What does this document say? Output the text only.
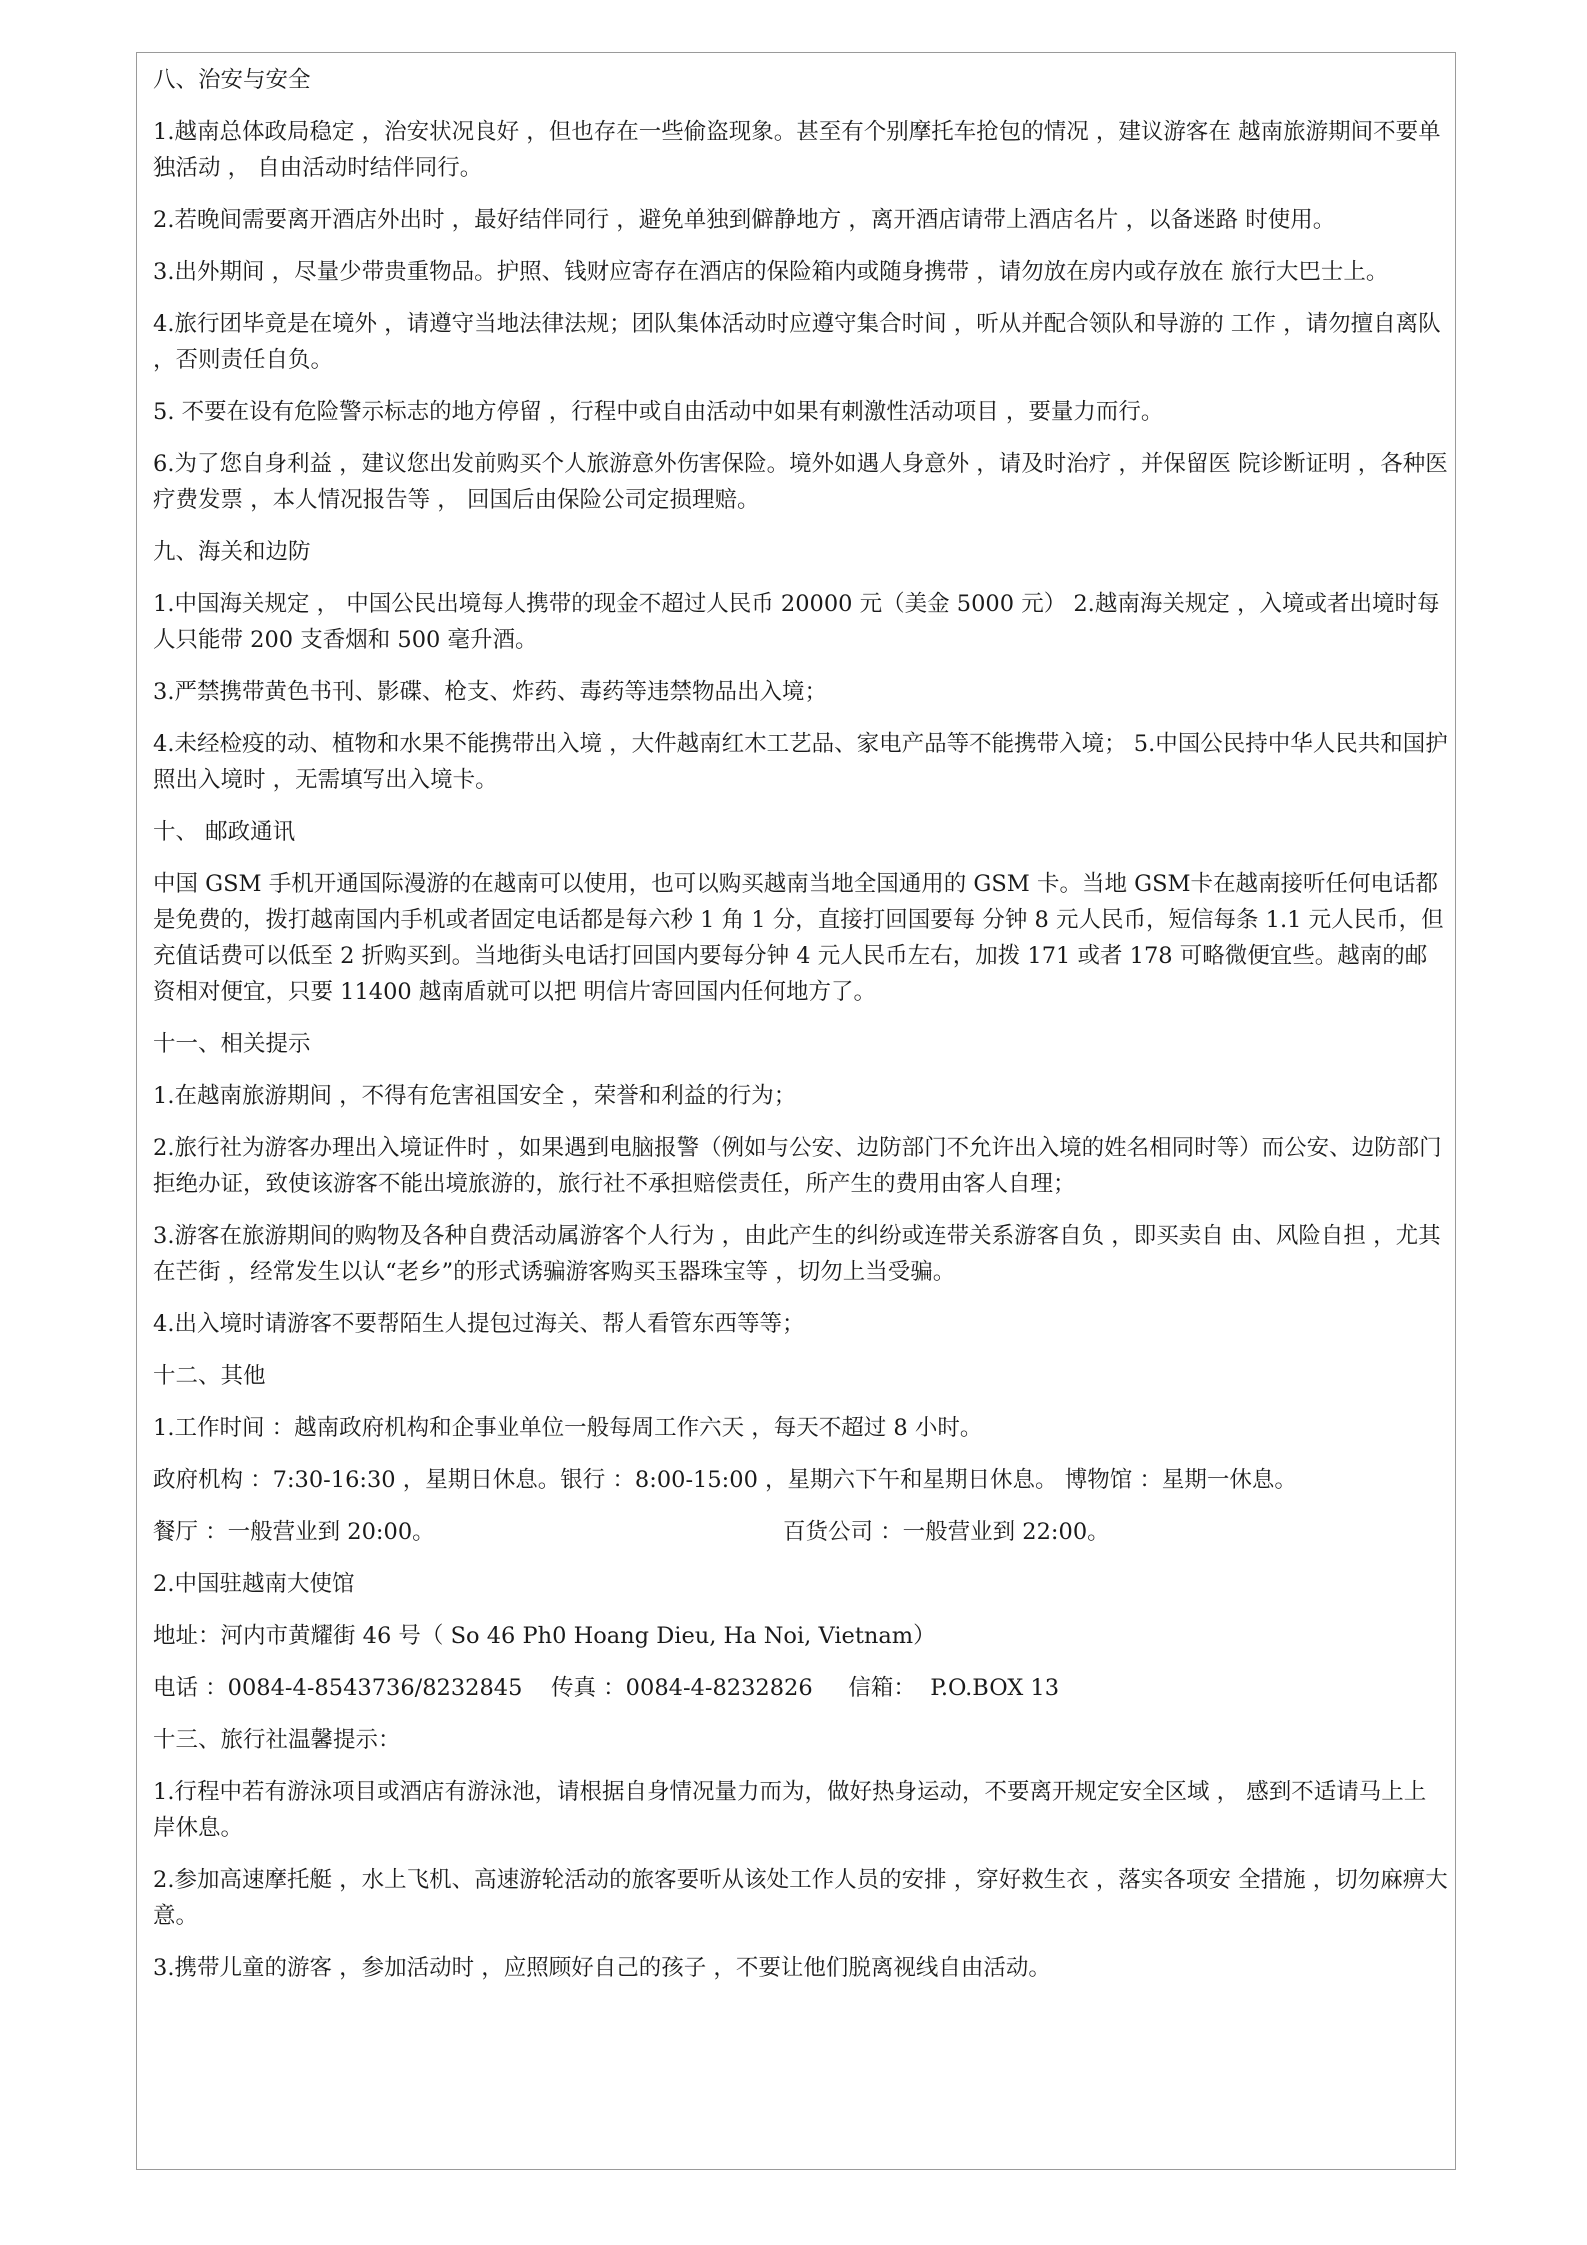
八、治安与安全

1.越南总体政局稳定 ，治安状况良好 ，但也存在一些偷盗现象。甚至有个别摩托车抢包的情况 ，建议游客在 越南旅游期间不要单独活动 ， 自由活动时结伴同行。

2.若晚间需要离开酒店外出时 ，最好结伴同行 ，避免单独到僻静地方 ，离开酒店请带上酒店名片 ，以备迷路 时使用。

3.出外期间 ，尽量少带贵重物品。护照、钱财应寄存在酒店的保险箱内或随身携带 ，请勿放在房内或存放在 旅行大巴士上。

4.旅行团毕竟是在境外 ，请遵守当地法律法规；团队集体活动时应遵守集合时间 ，听从并配合领队和导游的 工作 ，请勿擅自离队 ，否则责任自负。

5. 不要在设有危险警示标志的地方停留 ，行程中或自由活动中如果有刺激性活动项目 ，要量力而行。

6.为了您自身利益 ，建议您出发前购买个人旅游意外伤害保险。境外如遇人身意外 ，请及时治疗 ，并保留医 院诊断证明 ，各种医疗费发票 ，本人情况报告等 ， 回国后由保险公司定损理赔。

九、海关和边防

1.中国海关规定 ， 中国公民出境每人携带的现金不超过人民币 20000 元（美金 5000 元） 2.越南海关规定 ，入境或者出境时每人只能带 200 支香烟和 500 毫升酒。

3.严禁携带黄色书刊、影碟、枪支、炸药、毒药等违禁物品出入境；

4.未经检疫的动、植物和水果不能携带出入境 ，大件越南红木工艺品、家电产品等不能携带入境； 5.中国公民持中华人民共和国护照出入境时 ，无需填写出入境卡。

十、 邮政通讯

中国 GSM 手机开通国际漫游的在越南可以使用，也可以购买越南当地全国通用的 GSM 卡。当地 GSM卡在越南接听任何电话都是免费的，拨打越南国内手机或者固定电话都是每六秒 1 角 1 分，直接打回国要每 分钟 8 元人民币，短信每条 1.1 元人民币，但充值话费可以低至 2 折购买到。当地街头电话打回国内要每分钟 4 元人民币左右，加拨 171 或者 178 可略微便宜些。越南的邮资相对便宜，只要 11400 越南盾就可以把 明信片寄回国内任何地方了。

十一、相关提示

1.在越南旅游期间 ，不得有危害祖国安全 ，荣誉和利益的行为；

2.旅行社为游客办理出入境证件时 ，如果遇到电脑报警（例如与公安、边防部门不允许出入境的姓名相同时等）而公安、边防部门拒绝办证，致使该游客不能出境旅游的，旅行社不承担赔偿责任，所产生的费用由客人自理；

3.游客在旅游期间的购物及各种自费活动属游客个人行为 ，由此产生的纠纷或连带关系游客自负 ，即买卖自 由、风险自担 ，尤其在芒街 ，经常发生以认“老乡”的形式诱骗游客购买玉器珠宝等 ，切勿上当受骗。

4.出入境时请游客不要帮陌生人提包过海关、帮人看管东西等等；

十二、其他

1.工作时间 ：越南政府机构和企事业单位一般每周工作六天 ，每天不超过 8 小时。

政府机构 ：7:30-16:30 ，星期日休息。银行 ：8:00-15:00 ，星期六下午和星期日休息。 博物馆 ：星期一休息。

餐厅 ：一般营业到 20:00。	百货公司 ：一般营业到 22:00。

2.中国驻越南大使馆

地址：河内市黄耀街 46 号（ So 46 Ph0 Hoang Dieu, Ha Noi, Vietnam）

电话 ：0084-4-8543736/8232845    传真 ：0084-4-8232826     信箱：  P.O.BOX 13

十三、旅行社温馨提示：

1.行程中若有游泳项目或酒店有游泳池，请根据自身情况量力而为，做好热身运动，不要离开规定安全区域 ， 感到不适请马上上岸休息。

2.参加高速摩托艇 ，水上飞机、高速游轮活动的旅客要听从该处工作人员的安排 ，穿好救生衣 ，落实各项安 全措施 ，切勿麻痹大意。

3.携带儿童的游客 ，参加活动时 ，应照顾好自己的孩子 ，不要让他们脱离视线自由活动。
